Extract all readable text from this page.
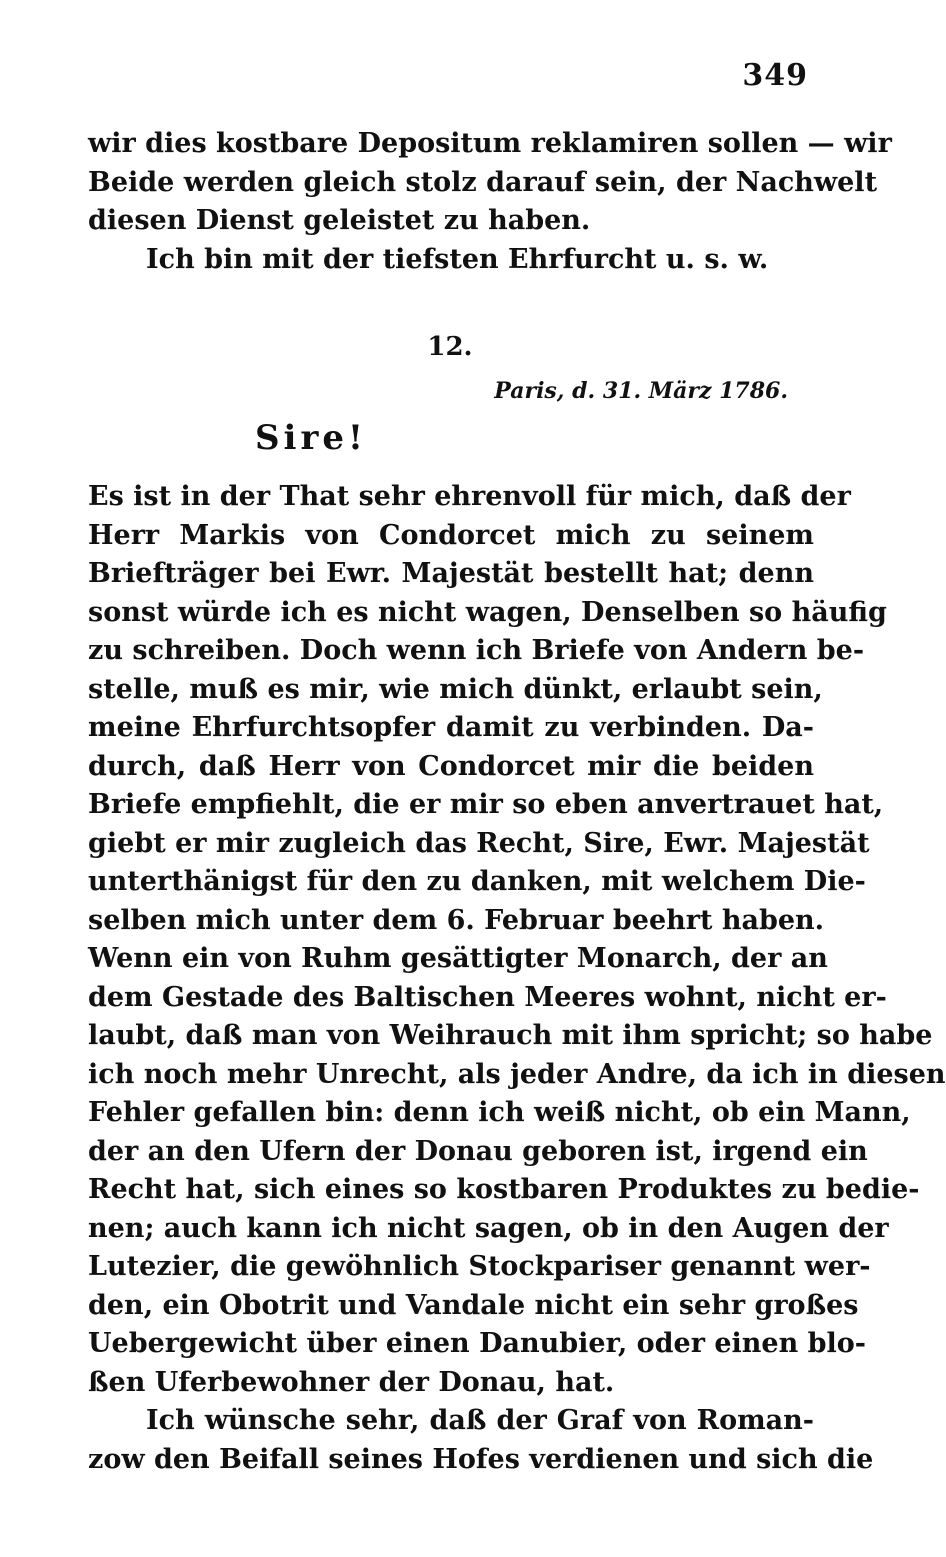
349
wir dies kostbare Depositum reklamiren sollen — wir
Beide werden gleich stolz darauf sein, der Nachwelt
diesen Dienst geleistet zu haben.
Ich bin mit der tiefsten Ehrfurcht u. s. w.
12.
Paris, d. 31. März 1786.
Sire!
Es ist in der That sehr ehrenvoll für mich, daß der
Herr Markis von Condorcet mich zu seinem
Briefträger bei Ewr. Majestät bestellt hat; denn
sonst würde ich es nicht wagen, Denselben so häufig
zu schreiben. Doch wenn ich Briefe von Andern be-
stelle, muß es mir, wie mich dünkt, erlaubt sein,
meine Ehrfurchtsopfer damit zu verbinden. Da-
durch, daß Herr von Condorcet mir die beiden
Briefe empfiehlt, die er mir so eben anvertrauet hat,
giebt er mir zugleich das Recht, Sire, Ewr. Majestät
unterthänigst für den zu danken, mit welchem Die-
selben mich unter dem 6. Februar beehrt haben.
Wenn ein von Ruhm gesättigter Monarch, der an
dem Gestade des Baltischen Meeres wohnt, nicht er-
laubt, daß man von Weihrauch mit ihm spricht; so habe
ich noch mehr Unrecht, als jeder Andre, da ich in diesen
Fehler gefallen bin: denn ich weiß nicht, ob ein Mann,
der an den Ufern der Donau geboren ist, irgend ein
Recht hat, sich eines so kostbaren Produktes zu bedie-
nen; auch kann ich nicht sagen, ob in den Augen der
Lutezier, die gewöhnlich Stockpariser genannt wer-
den, ein Obotrit und Vandale nicht ein sehr großes
Uebergewicht über einen Danubier, oder einen blo-
ßen Uferbewohner der Donau, hat.
Ich wünsche sehr, daß der Graf von Roman-
zow den Beifall seines Hofes verdienen und sich die
